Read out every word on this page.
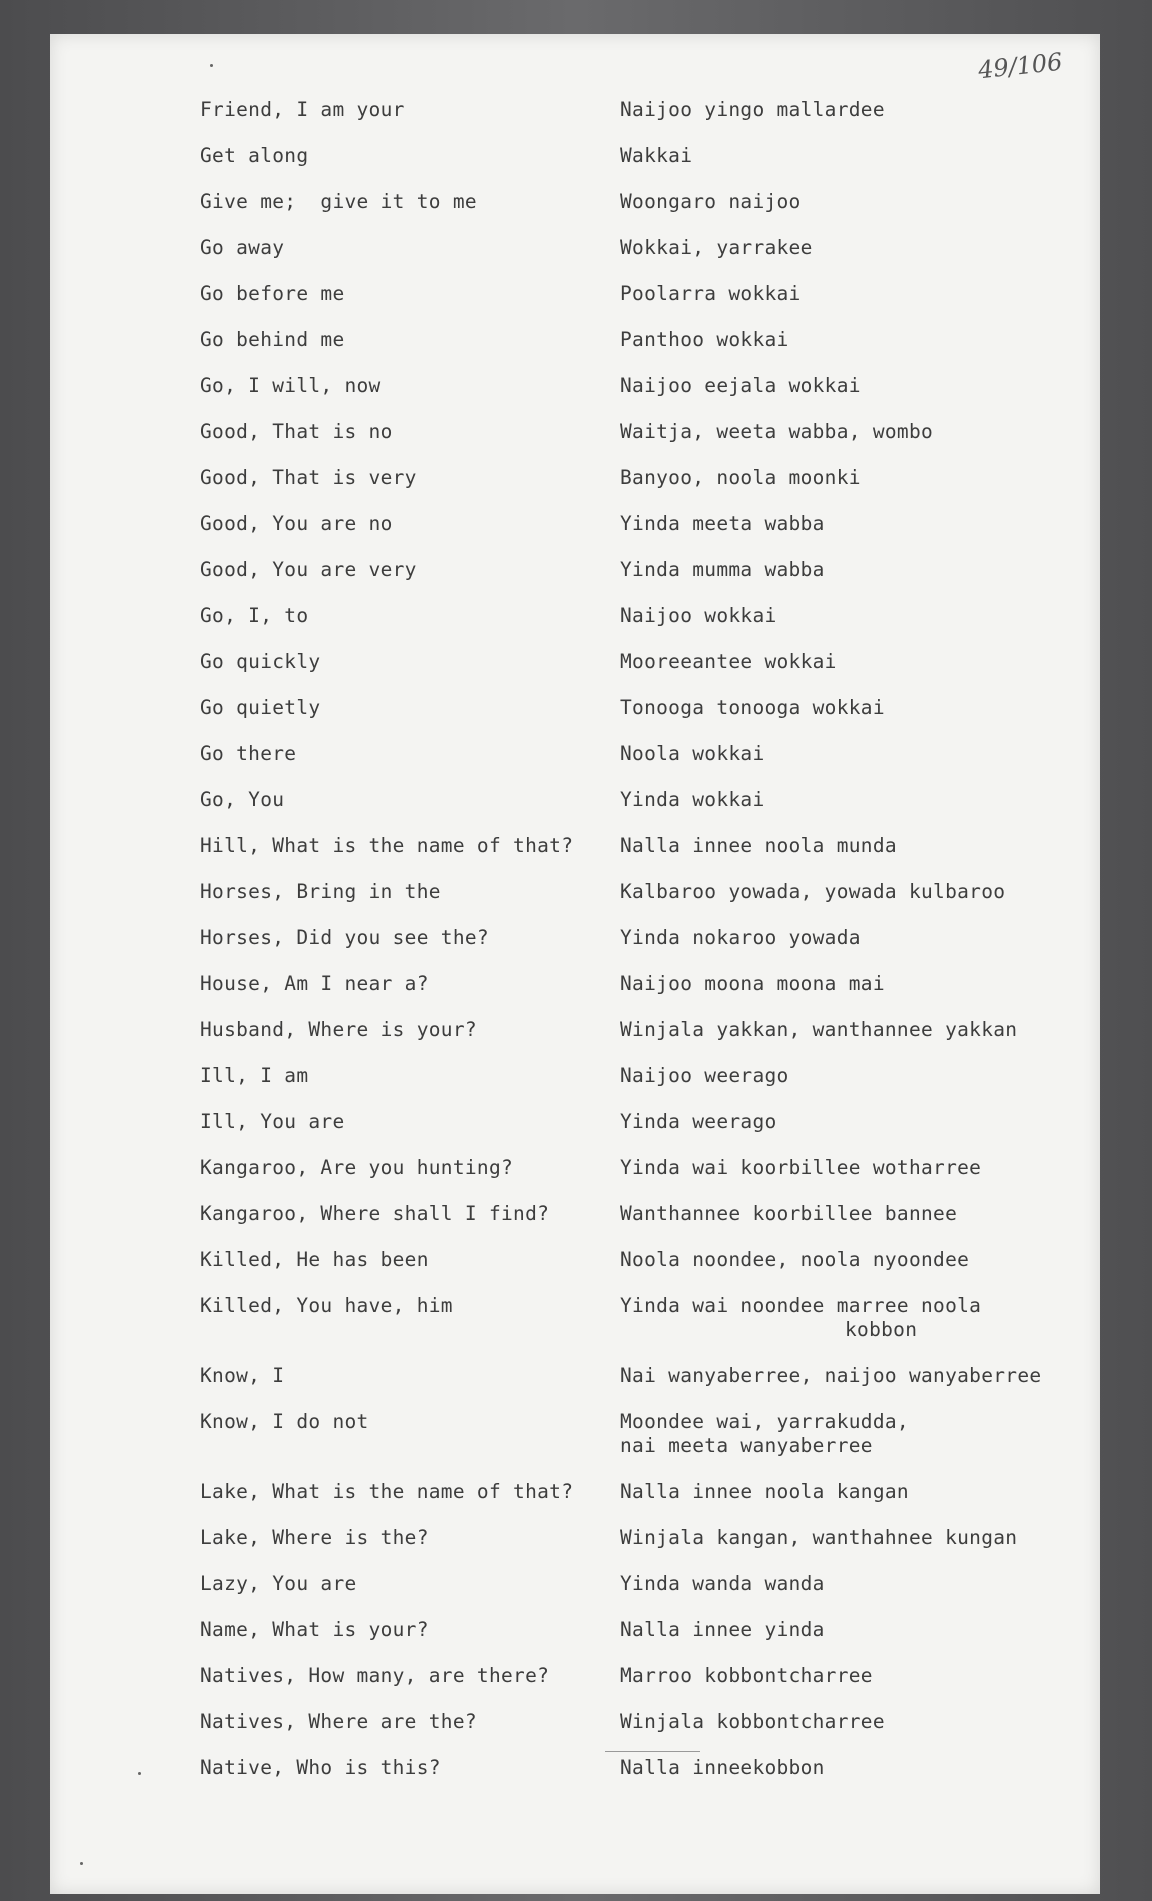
49/106
Friend, I am your	Naijoo yingo mallardee
Get along	Wakkai
Give me;  give it to me	Woongaro naijoo
Go away	Wokkai, yarrakee
Go before me	Poolarra wokkai
Go behind me	Panthoo wokkai
Go, I will, now	Naijoo eejala wokkai
Good, That is no	Waitja, weeta wabba, wombo
Good, That is very	Banyoo, noola moonki
Good, You are no	Yinda meeta wabba
Good, You are very	Yinda mumma wabba
Go, I, to	Naijoo wokkai
Go quickly	Mooreeantee wokkai
Go quietly	Tonooga tonooga wokkai
Go there	Noola wokkai
Go, You	Yinda wokkai
Hill, What is the name of that? Nalla innee noola munda
Horses, Bring in the	Kalbaroo yowada, yowada kulbaroo
Horses, Did you see the?	Yinda nokaroo yowada
House, Am I near a?	Naijoo moona moona mai
Husband, Where is your?	Winjala yakkan, wanthannee yakkan
Ill, I am	Naijoo weerago
Ill, You are	Yinda weerago
Kangaroo, Are you hunting?	Yinda wai koorbillee wotharree
Kangaroo, Where shall I find?	Wanthannee koorbillee bannee
Killed, He has been	Noola noondee, noola nyoondee
Killed, You have, him	Yinda wai noondee marree noola
kobbon
Know, I	Nai wanyaberree, naijoo wanyaberree
Know, I do not	Moondee wai, yarrakudda,
nai meeta wanyaberree
Lake, What is the name of that? Nalla innee noola kangan
Lake, Where is the?	Winjala kangan, wanthahnee kungan
Lazy, You are	Yinda wanda wanda
Name, What is your?	Nalla innee yinda
Natives, How many, are there?	Marroo kobbontcharree
Natives, Where are the?	Winjala kobbontcharree
Native, Who is this?	Nalla inneekobbon
